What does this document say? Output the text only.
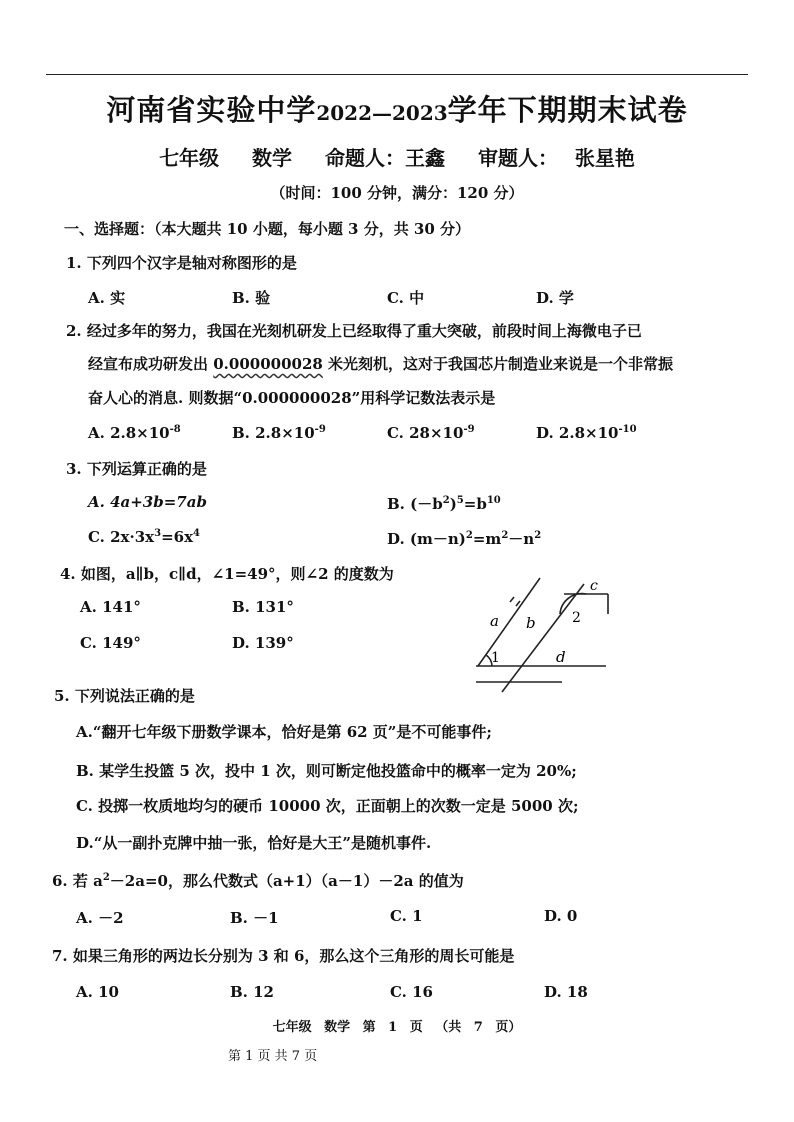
河南省实验中学2022—2023学年下期期末试卷
七年级 数学 命题人：王鑫 审题人： 张星艳
（时间：100 分钟，满分：120 分）
一、选择题：（本大题共 10 小题，每小题 3 分，共 30 分）
1. 下列四个汉字是轴对称图形的是
A. 实	B. 验	C. 中	D. 学
2. 经过多年的努力，我国在光刻机研发上已经取得了重大突破，前段时间上海微电子已
经宣布成功研发出 0.000000028 米光刻机，这对于我国芯片制造业来说是一个非常振
奋人心的消息. 则数据“0.000000028”用科学记数法表示是
A. $2.8\times 10^{-8}$	B. $2.8\times 10^{-9}$	C. $28\times 10^{-9}$	D. $2.8\times 10^{-10}$
3. 下列运算正确的是
A. 4a+3b=7ab	B. $(-b^2)^5=b^{10}$
C. $2x\cdot 3x^3=6x^4$	D. $(m-n)^2=m^2-n^2$
4. 如图，a∥b，c∥d，∠1=49°，则∠2 的度数为
A. 141°	B. 131°
C. 149°	D. 139°
a b
c
d
1
2
5. 下列说法正确的是
A.“翻开七年级下册数学课本，恰好是第 62 页”是不可能事件;
B. 某学生投篮 5 次，投中 1 次，则可断定他投篮命中的概率一定为 20%;
C. 投掷一枚质地均匀的硬币 10000 次，正面朝上的次数一定是 5000 次;
D.“从一副扑克牌中抽一张，恰好是大王”是随机事件.
6. 若 $a^2-2a=0$，那么代数式（a+1）（a－1）－2a 的值为
A. －2	B. －1	C. 1	D. 0
7. 如果三角形的两边长分别为 3 和 6，那么这个三角形的周长可能是
A. 10	B. 12	C. 16	D. 18
七年级 数学 第 1 页 （共 7 页）
第 1 页 共 7 页
